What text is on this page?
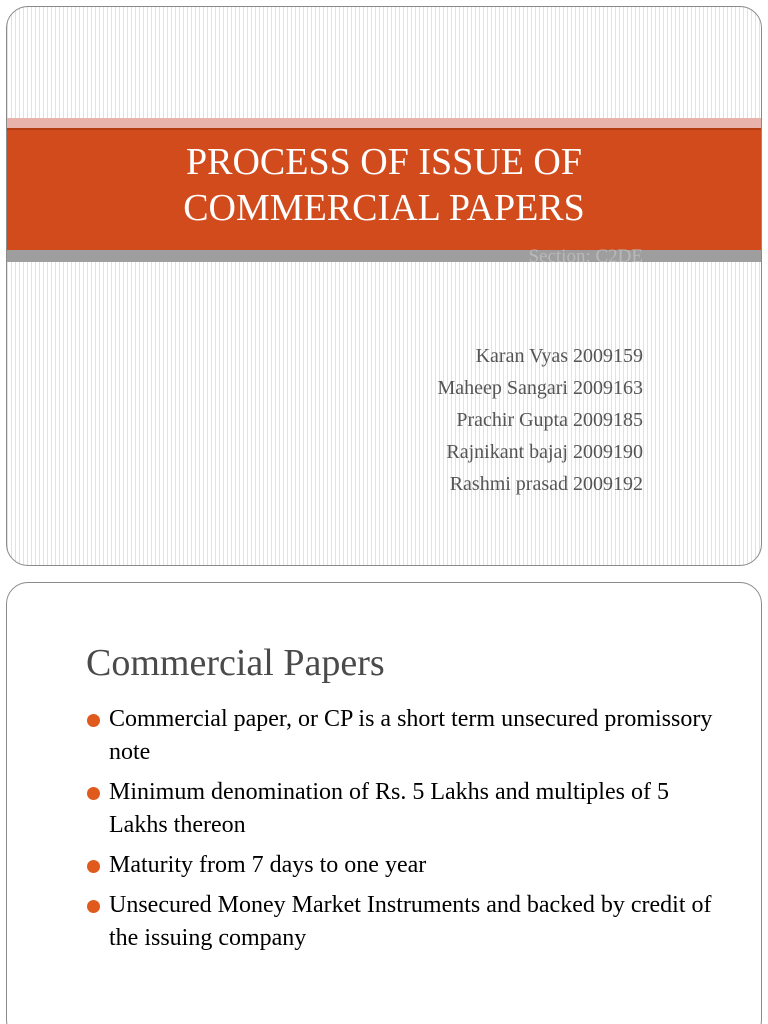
PROCESS OF ISSUE OF
COMMERCIAL PAPERS
Section: C2DE
Karan Vyas 2009159
Maheep Sangari 2009163
Prachir Gupta 2009185
Rajnikant bajaj 2009190
Rashmi prasad 2009192
Commercial Papers
Commercial paper, or CP is a short term unsecured promissory note
Minimum denomination of Rs. 5 Lakhs and multiples of 5 Lakhs thereon
Maturity from 7 days to one year
Unsecured Money Market Instruments and backed by credit of the issuing company
